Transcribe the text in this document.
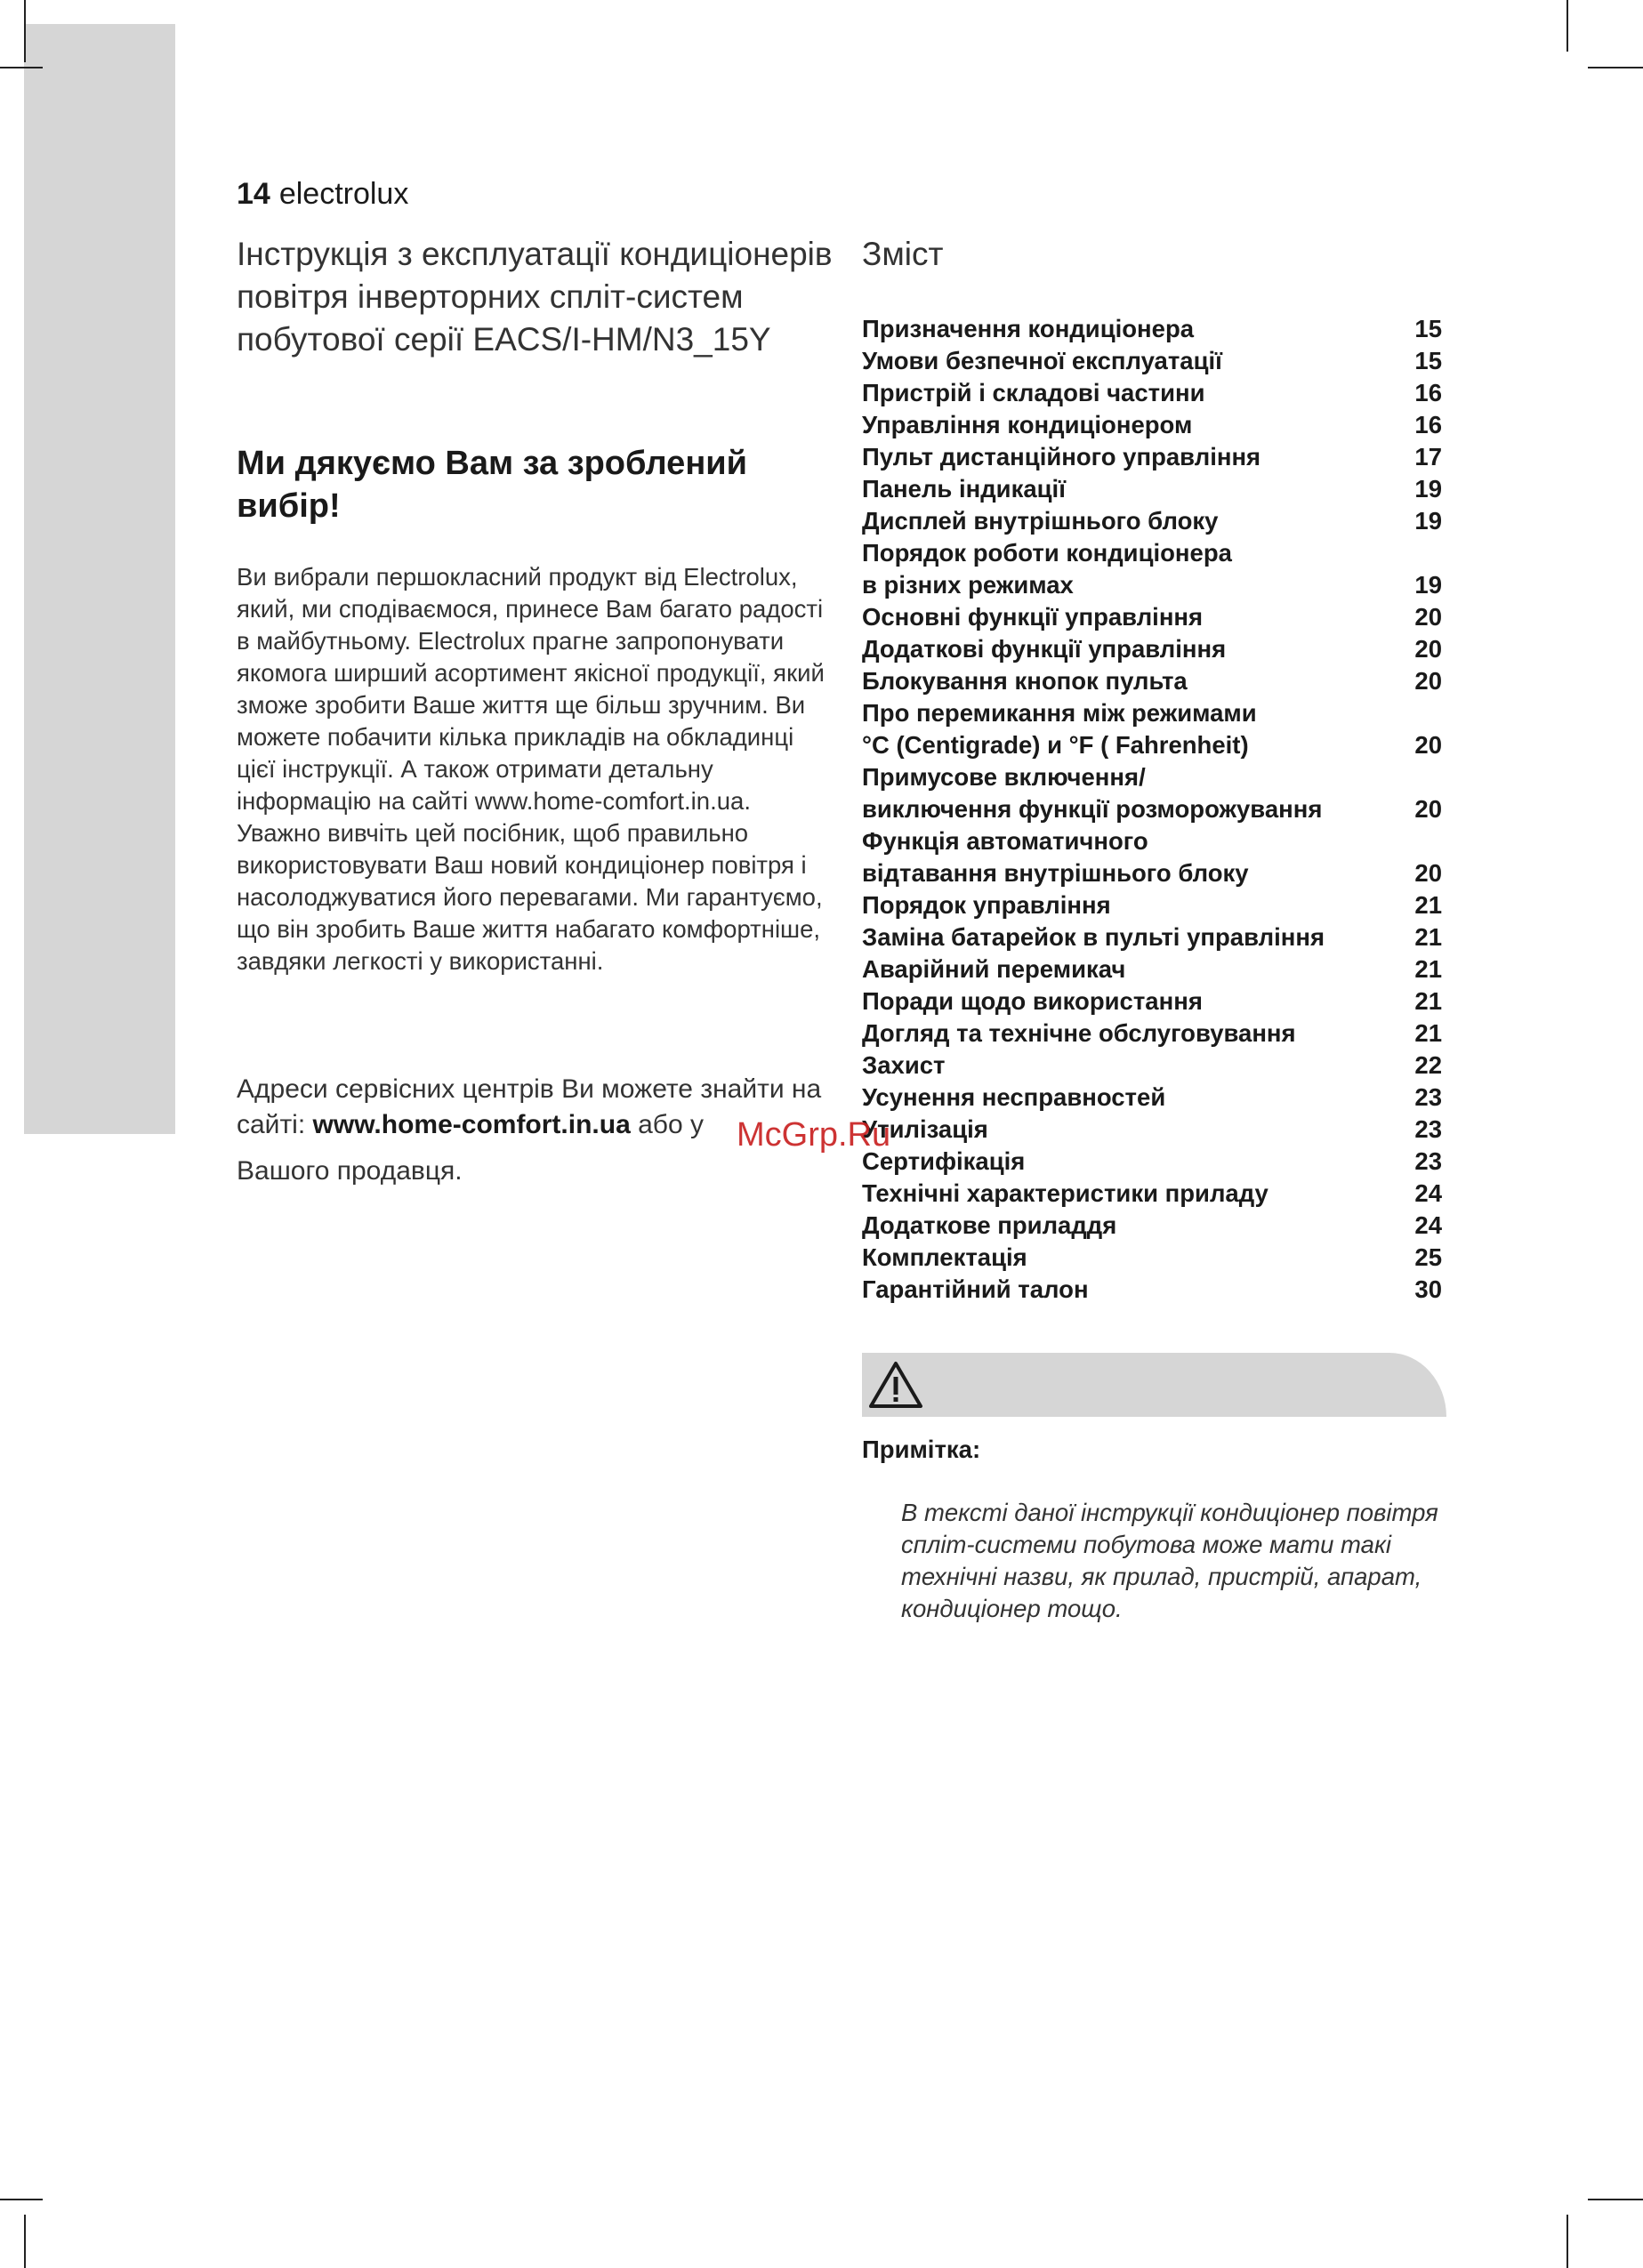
14 electrolux
Інструкція з експлуатації кондиціонерів повітря інверторних спліт-систем побутової серії EACS/I-HM/N3_15Y
Ми дякуємо Вам за зроблений вибір!

Ви вибрали першокласний продукт від Electrolux, який, ми сподіваємося, принесе Вам багато радості в майбутньому. Electrolux прагне запропонувати якомога ширший асортимент якісної продукції, який зможе зробити Ваше життя ще більш зручним. Ви можете побачити кілька прикладів на обкладинці цієї інструкції. А також отримати детальну інформацію на сайті www.home-comfort.in.ua. Уважно вивчіть цей посібник, щоб правильно використовувати Ваш новий кондиціонер повітря і насолоджуватися його перевагами. Ми гарантуємо, що він зробить Ваше життя набагато комфортніше, завдяки легкості у використанні.

Адреси сервісних центрів Ви можете знайти на сайті: www.home-comfort.in.ua або у

Вашого продавця.

Зміст
Призначення кондиціонера	15
Умови безпечної експлуатації	15
Пристрій і складові частини	16
Управління кондиціонером	16
Пульт дистанційного управління	17
Панель індикації	19
Дисплей внутрішнього блоку	19
Порядок роботи кондиціонера
в різних режимах	19
Основні функції управління	20
Додаткові функції управління	20
Блокування кнопок пульта	20
Про перемикання між режимами
°C (Centigrade) и °F ( Fahrenheit)	20
Примусове включення/
виключення функції розморожування	20
Функція автоматичного
відтавання внутрішнього блоку	20
Порядок управління	21
Заміна батарейок в пульті управління	21
Аварійний перемикач	21
Поради щодо використання	21
Догляд та технічне обслуговування	21
Захист	22
Усунення несправностей	23
Утилізація	23
Сертифікація	23
Технічні характеристики приладу	24
Додаткове приладдя	24
Комплектація	25
Гарантійний талон	30
McGrp.Ru

Примітка:

В тексті даної інструкції кондиціонер повітря спліт-системи побутова може мати такі технічні назви, як прилад, пристрій, апарат, кондиціонер тощо.
